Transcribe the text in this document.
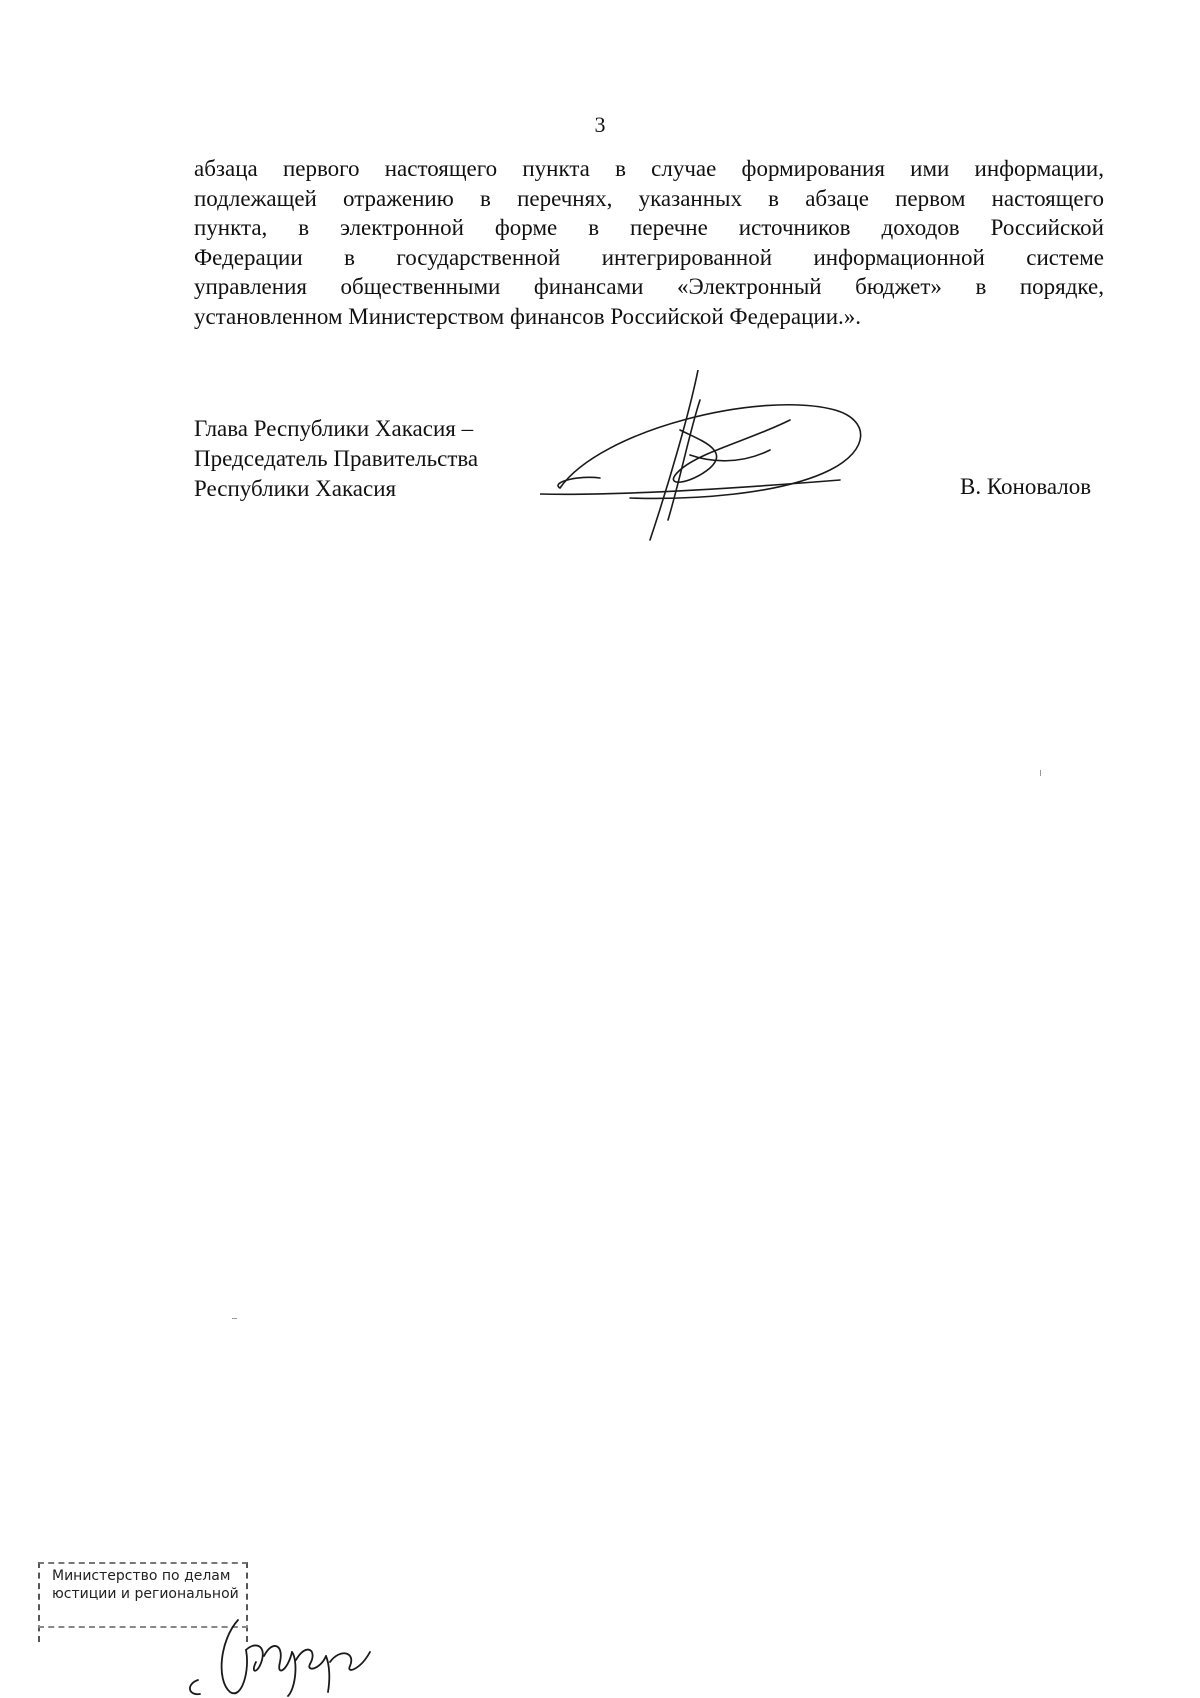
3
абзаца первого настоящего пункта в случае формирования ими информации,
подлежащей отражению в перечнях, указанных в абзаце первом настоящего
пункта, в электронной форме в перечне источников доходов Российской
Федерации в государственной интегрированной информационной системе
управления общественными финансами «Электронный бюджет» в порядке,
установленном Министерством финансов Российской Федерации.».
Глава Республики Хакасия –
Председатель Правительства
Республики Хакасия	В. Коновалов
Министерство по делам
юстиции и региональной
